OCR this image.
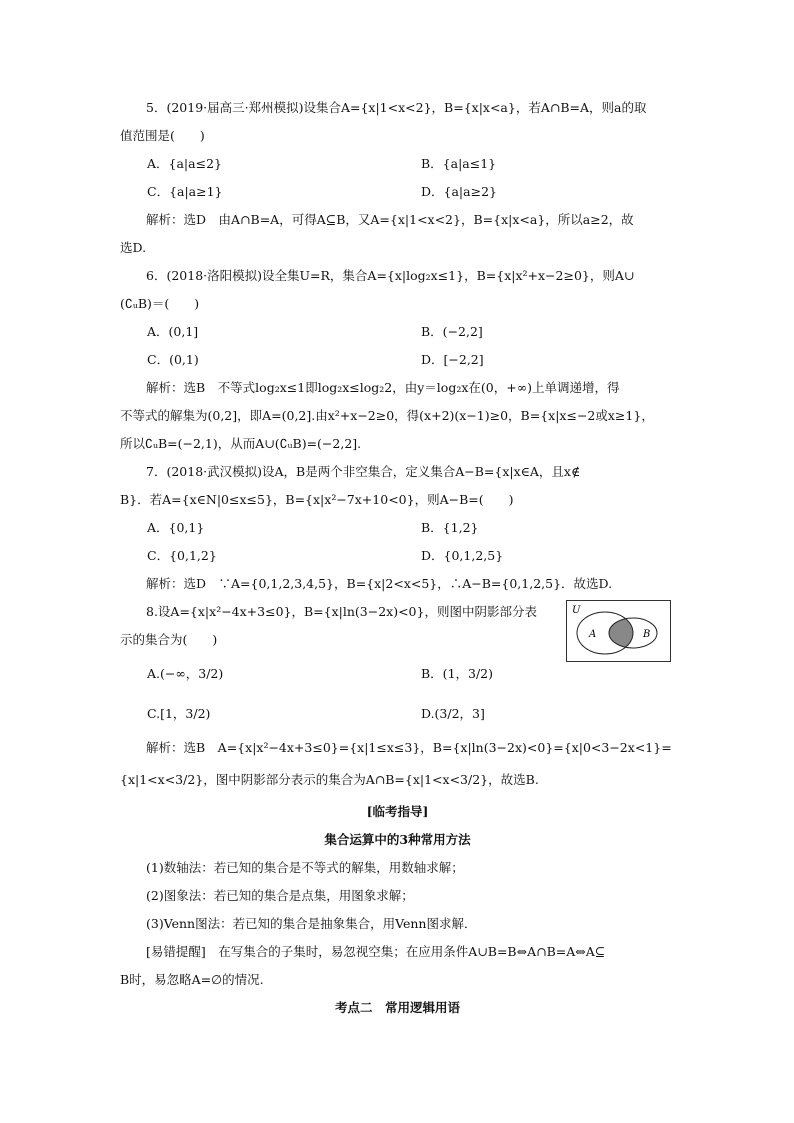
5．(2019·届高三·郑州模拟)设集合A={x|1<x<2}，B={x|x<a}，若A∩B=A，则a的取
值范围是(　　)
A．{a|a≤2}	B．{a|a≤1}
C．{a|a≥1}	D．{a|a≥2}
解析：选D　由A∩B=A，可得A⊆B，又A={x|1<x<2}，B={x|x<a}，所以a≥2，故
选D.
6．(2018·洛阳模拟)设全集U=R，集合A={x|log₂x≤1}，B={x|x²+x−2≥0}，则A∪
(∁ᵤB)＝(　　)
A．(0,1]	B．(−2,2]
C．(0,1)	D．[−2,2]
解析：选B　不等式log₂x≤1即log₂x≤log₂2，由y＝log₂x在(0，+∞)上单调递增，得
不等式的解集为(0,2]，即A=(0,2].由x²+x−2≥0，得(x+2)(x−1)≥0，B={x|x≤−2或x≥1}，
所以∁ᵤB=(−2,1)，从而A∪(∁ᵤB)=(−2,2].
7．(2018·武汉模拟)设A，B是两个非空集合，定义集合A−B={x|x∈A，且x∉
B}．若A={x∈N|0≤x≤5}，B={x|x²−7x+10<0}，则A−B=(　　)
A．{0,1}	B．{1,2}
C．{0,1,2}	D．{0,1,2,5}
解析：选D　∵A={0,1,2,3,4,5}，B={x|2<x<5}，∴A−B={0,1,2,5}．故选D.
8.设A={x|x²−4x+3≤0}，B={x|ln(3−2x)<0}，则图中阴影部分表
示的集合为(　　)
A.(−∞，3/2)	B．(1，3/2)
C.[1，3/2)	D.(3/2，3]
解析：选B　A={x|x²−4x+3≤0}={x|1≤x≤3}，B={x|ln(3−2x)<0}={x|0<3−2x<1}=
{x|1<x<3/2}，图中阴影部分表示的集合为A∩B={x|1<x<3/2}，故选B.
[临考指导]
集合运算中的3种常用方法
(1)数轴法：若已知的集合是不等式的解集，用数轴求解；
(2)图象法：若已知的集合是点集，用图象求解；
(3)Venn图法：若已知的集合是抽象集合，用Venn图求解．
[易错提醒]　在写集合的子集时，易忽视空集；在应用条件A∪B=B⇔A∩B=A⇔A⊆
B时，易忽略A=∅的情况.
考点二　常用逻辑用语
U
A	B
